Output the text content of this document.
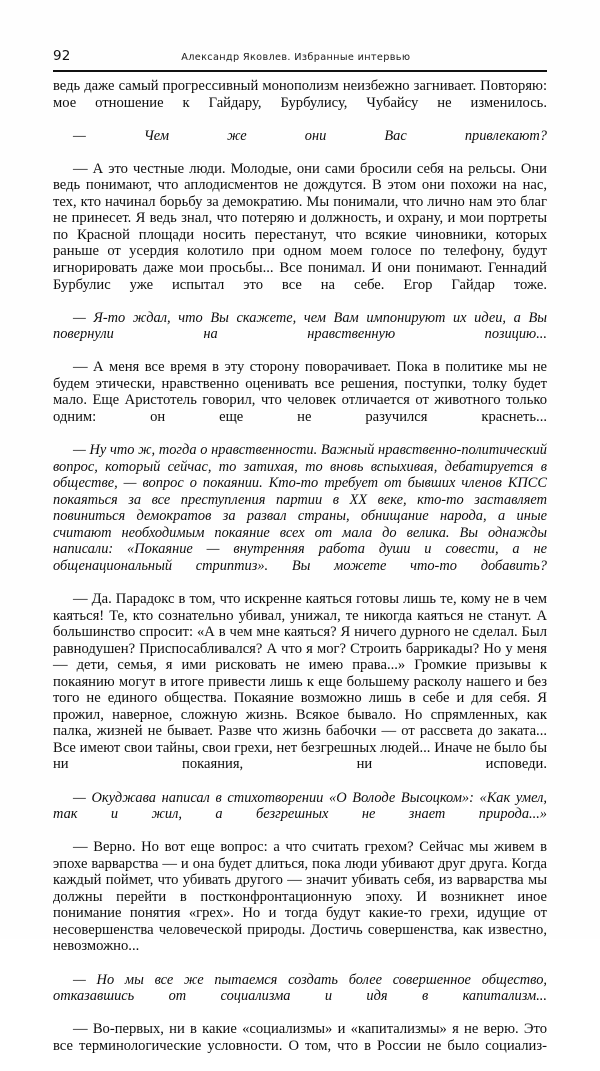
92	Александр Яковлев. Избранные интервью

ведь даже самый прогрессивный монополизм неизбежно загнивает. Повторяю: мое отношение к Гайдару, Бурбулису, Чубайсу не изменилось.

— Чем же они Вас привлекают?

— А это честные люди. Молодые, они сами бросили себя на рельсы. Они ведь понимают, что аплодисментов не дождутся. В этом они похожи на нас, тех, кто начинал борьбу за демократию. Мы понимали, что лично нам это благ не принесет. Я ведь знал, что потеряю и должность, и охрану, и мои портреты по Красной площади носить перестанут, что всякие чиновники, которых раньше от усердия колотило при одном моем голосе по телефону, будут игнорировать даже мои просьбы... Все понимал. И они понимают. Геннадий Бурбулис уже испытал это все на себе. Егор Гайдар тоже.

— Я-то ждал, что Вы скажете, чем Вам импонируют их идеи, а Вы повернули на нравственную позицию...

— А меня все время в эту сторону поворачивает. Пока в политике мы не будем этически, нравственно оценивать все решения, поступки, толку будет мало. Еще Аристотель говорил, что человек отличается от животного только одним: он еще не разучился краснеть...

— Ну что ж, тогда о нравственности. Важный нравственно-политический вопрос, который сейчас, то затихая, то вновь вспыхивая, дебатируется в обществе, — вопрос о покаянии. Кто-то требует от бывших членов КПСС покаяться за все преступления партии в XX веке, кто-то заставляет повиниться демократов за развал страны, обнищание народа, а иные считают необходимым покаяние всех от мала до велика. Вы однажды написали: «Покаяние — внутренняя работа души и совести, а не общенациональный стриптиз». Вы можете что-то добавить?

— Да. Парадокс в том, что искренне каяться готовы лишь те, кому не в чем каяться! Те, кто сознательно убивал, унижал, те никогда каяться не станут. А большинство спросит: «А в чем мне каяться? Я ничего дурного не сделал. Был равнодушен? Приспосабливался? А что я мог? Строить баррикады? Но у меня — дети, семья, я ими рисковать не имею права...» Громкие призывы к покаянию могут в итоге привести лишь к еще большему расколу нашего и без того не единого общества. Покаяние возможно лишь в себе и для себя. Я прожил, наверное, сложную жизнь. Всякое бывало. Но спрямленных, как палка, жизней не бывает. Разве что жизнь бабочки — от рассвета до заката... Все имеют свои тайны, свои грехи, нет безгрешных людей... Иначе не было бы ни покаяния, ни исповеди.

— Окуджава написал в стихотворении «О Володе Высоцком»: «Как умел, так и жил, а безгрешных не знает природа...»

— Верно. Но вот еще вопрос: а что считать грехом? Сейчас мы живем в эпохе варварства — и она будет длиться, пока люди убивают друг друга. Когда каждый поймет, что убивать другого — значит убивать себя, из варварства мы должны перейти в постконфронтационную эпоху. И возникнет иное понимание понятия «грех». Но и тогда будут какие-то грехи, идущие от несовершенства человеческой природы. Достичь совершенства, как известно, невозможно...

— Но мы все же пытаемся создать более совершенное общество, отказавшись от социализма и идя в капитализм...

— Во-первых, ни в какие «социализмы» и «капитализмы» я не верю. Это все терминологические условности. О том, что в России не было социализ-
